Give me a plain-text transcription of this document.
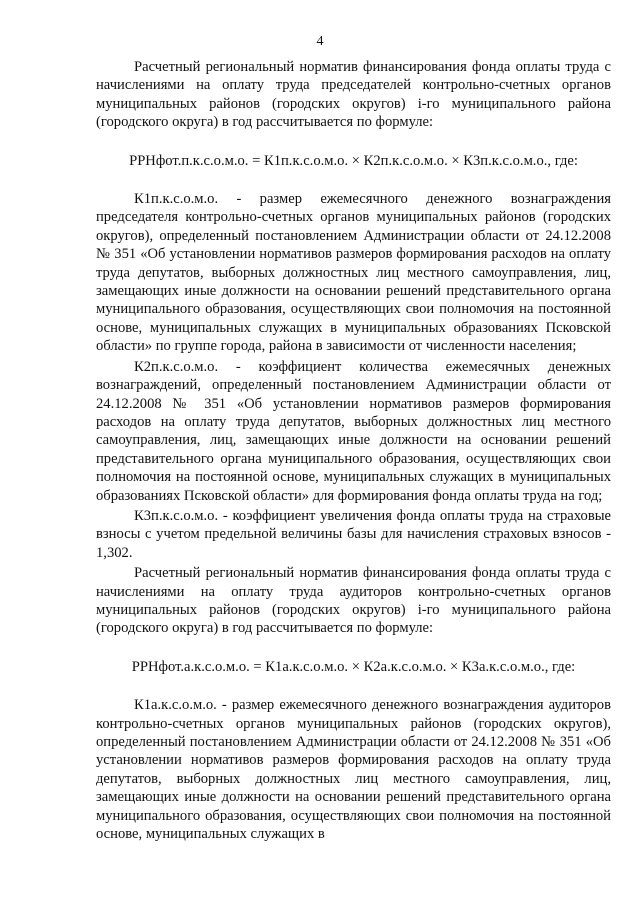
4

Расчетный региональный норматив финансирования фонда оплаты труда с начислениями на оплату труда председателей контрольно-счетных органов муниципальных районов (городских округов) i-го муниципального района (городского округа) в год рассчитывается по формуле:

РРНфот.п.к.с.о.м.о. = К1п.к.с.о.м.о. × К2п.к.с.о.м.о. × К3п.к.с.о.м.о., где:

К1п.к.с.о.м.о. - размер ежемесячного денежного вознаграждения председателя контрольно-счетных органов муниципальных районов (городских округов), определенный постановлением Администрации области от 24.12.2008 № 351 «Об установлении нормативов размеров формирования расходов на оплату труда депутатов, выборных должностных лиц местного самоуправления, лиц, замещающих иные должности на основании решений представительного органа муниципального образования, осуществляющих свои полномочия на постоянной основе, муниципальных служащих в муниципальных образованиях Псковской области» по группе города, района в зависимости от численности населения;

К2п.к.с.о.м.о. - коэффициент количества ежемесячных денежных вознаграждений, определенный постановлением Администрации области от 24.12.2008 № 351 «Об установлении нормативов размеров формирования расходов на оплату труда депутатов, выборных должностных лиц местного самоуправления, лиц, замещающих иные должности на основании решений представительного органа муниципального образования, осуществляющих свои полномочия на постоянной основе, муниципальных служащих в муниципальных образованиях Псковской области» для формирования фонда оплаты труда на год;

К3п.к.с.о.м.о. - коэффициент увеличения фонда оплаты труда на страховые взносы с учетом предельной величины базы для начисления страховых взносов - 1,302.

Расчетный региональный норматив финансирования фонда оплаты труда с начислениями на оплату труда аудиторов контрольно-счетных органов муниципальных районов (городских округов) i-го муниципального района (городского округа) в год рассчитывается по формуле:

РРНфот.а.к.с.о.м.о. = К1а.к.с.о.м.о. × К2а.к.с.о.м.о. × К3а.к.с.о.м.о., где:

К1а.к.с.о.м.о. - размер ежемесячного денежного вознаграждения аудиторов контрольно-счетных органов муниципальных районов (городских округов), определенный постановлением Администрации области от 24.12.2008 № 351 «Об установлении нормативов размеров формирования расходов на оплату труда депутатов, выборных должностных лиц местного самоуправления, лиц, замещающих иные должности на основании решений представительного органа муниципального образования, осуществляющих свои полномочия на постоянной основе, муниципальных служащих в
